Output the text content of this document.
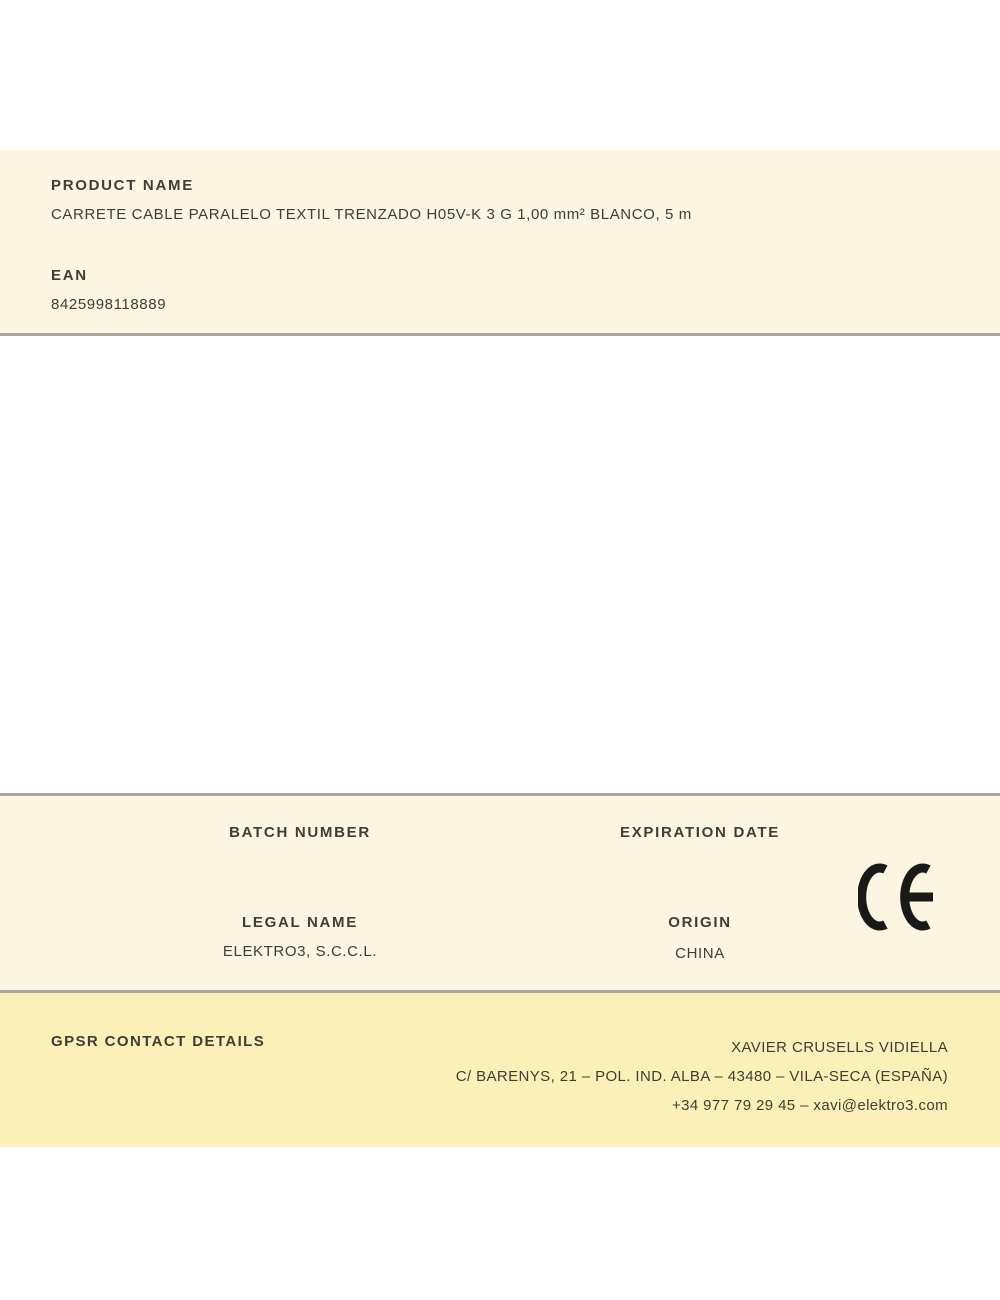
PRODUCT NAME
CARRETE CABLE PARALELO TEXTIL TRENZADO H05V-K 3 G 1,00 mm² BLANCO, 5 m
EAN
8425998118889
BATCH NUMBER	EXPIRATION DATE
LEGAL NAME
ELEKTRO3, S.C.C.L.
ORIGIN
CHINA
GPSR CONTACT DETAILS	XAVIER CRUSELLS VIDIELLA
C/ BARENYS, 21 – POL. IND. ALBA – 43480 – VILA-SECA (ESPAÑA)
+34 977 79 29 45 – xavi@elektro3.com
